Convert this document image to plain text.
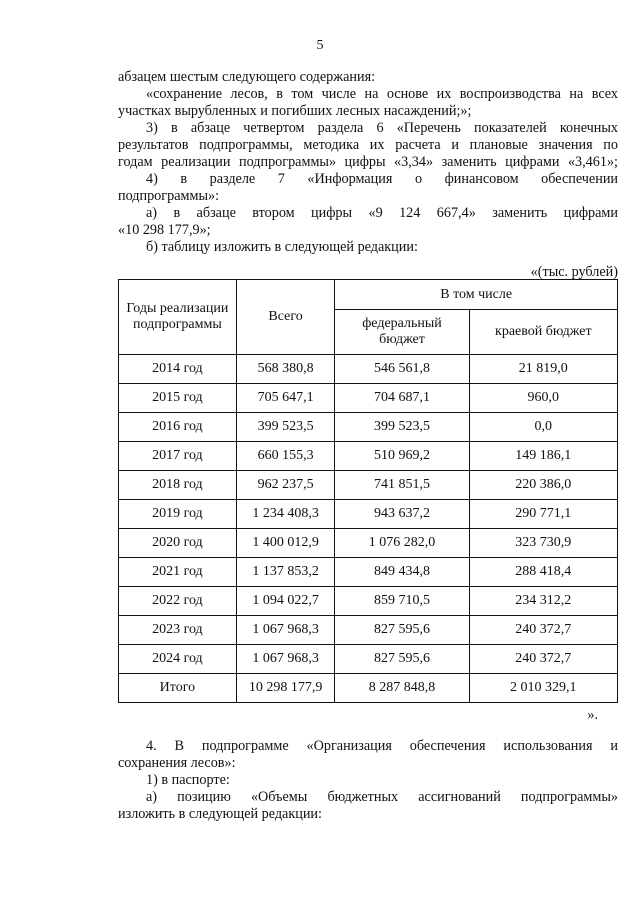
5

абзацем шестым следующего содержания:

«сохранение лесов, в том числе на основе их воспроизводства на всех

участках вырубленных и погибших лесных насаждений;»;

3) в абзаце четвертом раздела 6 «Перечень показателей конечных

результатов подпрограммы, методика их расчета и плановые значения по

годам реализации подпрограммы» цифры «3,34» заменить цифрами «3,461»;

4) в разделе 7 «Информация о финансовом обеспечении

подпрограммы»:

а) в абзаце втором цифры «9 124 667,4» заменить цифрами

«10 298 177,9»;

б) таблицу изложить в следующей редакции:

«(тыс. рублей)
Годы реализации подпрограммы	Всего	В том числе	
		федеральный бюджет	краевой бюджет
2014 год	568 380,8	546 561,8	21 819,0
2015 год	705 647,1	704 687,1	960,0
2016 год	399 523,5	399 523,5	0,0
2017 год	660 155,3	510 969,2	149 186,1
2018 год	962 237,5	741 851,5	220 386,0
2019 год	1 234 408,3	943 637,2	290 771,1
2020 год	1 400 012,9	1 076 282,0	323 730,9
2021 год	1 137 853,2	849 434,8	288 418,4
2022 год	1 094 022,7	859 710,5	234 312,2
2023 год	1 067 968,3	827 595,6	240 372,7
2024 год	1 067 968,3	827 595,6	240 372,7
Итого	10 298 177,9	8 287 848,8	2 010 329,1
».

4. В подпрограмме «Организация обеспечения использования и

сохранения лесов»:

1) в паспорте:

а) позицию «Объемы бюджетных ассигнований подпрограммы»

изложить в следующей редакции:
